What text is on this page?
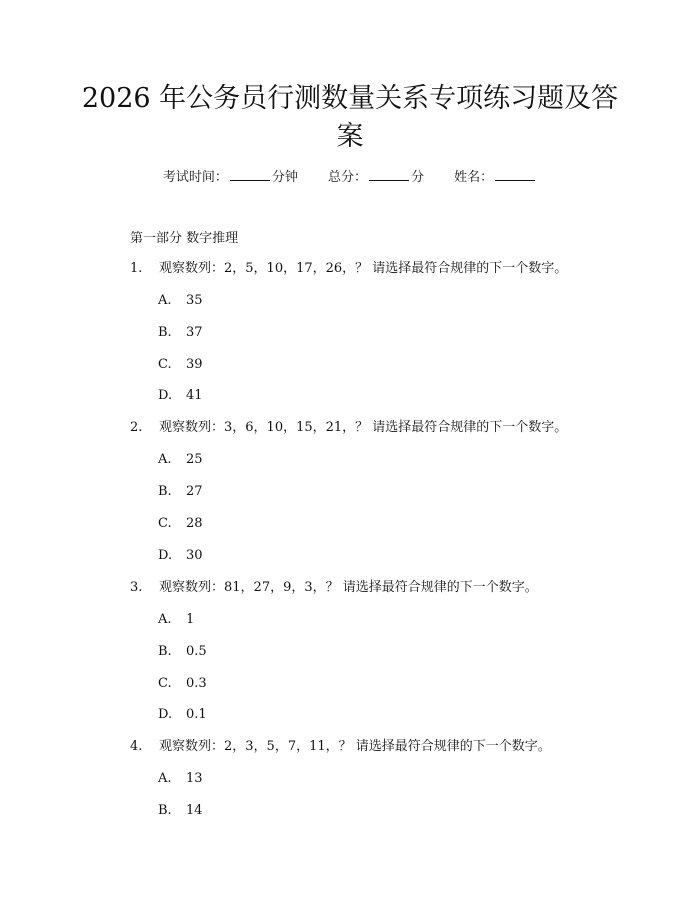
2026 年公务员行测数量关系专项练习题及答案
考试时间：	分钟 总分：	分 姓名：
第一部分 数字推理
1. 观察数列：2，5，10，17，26，？ 请选择最符合规律的下一个数字。
A. 35
B. 37
C. 39
D. 41
2. 观察数列：3，6，10，15，21，？ 请选择最符合规律的下一个数字。
A. 25
B. 27
C. 28
D. 30
3. 观察数列：81，27，9，3，？ 请选择最符合规律的下一个数字。
A. 1
B. 0.5
C. 0.3
D. 0.1
4. 观察数列：2，3，5，7，11，？ 请选择最符合规律的下一个数字。
A. 13
B. 14
